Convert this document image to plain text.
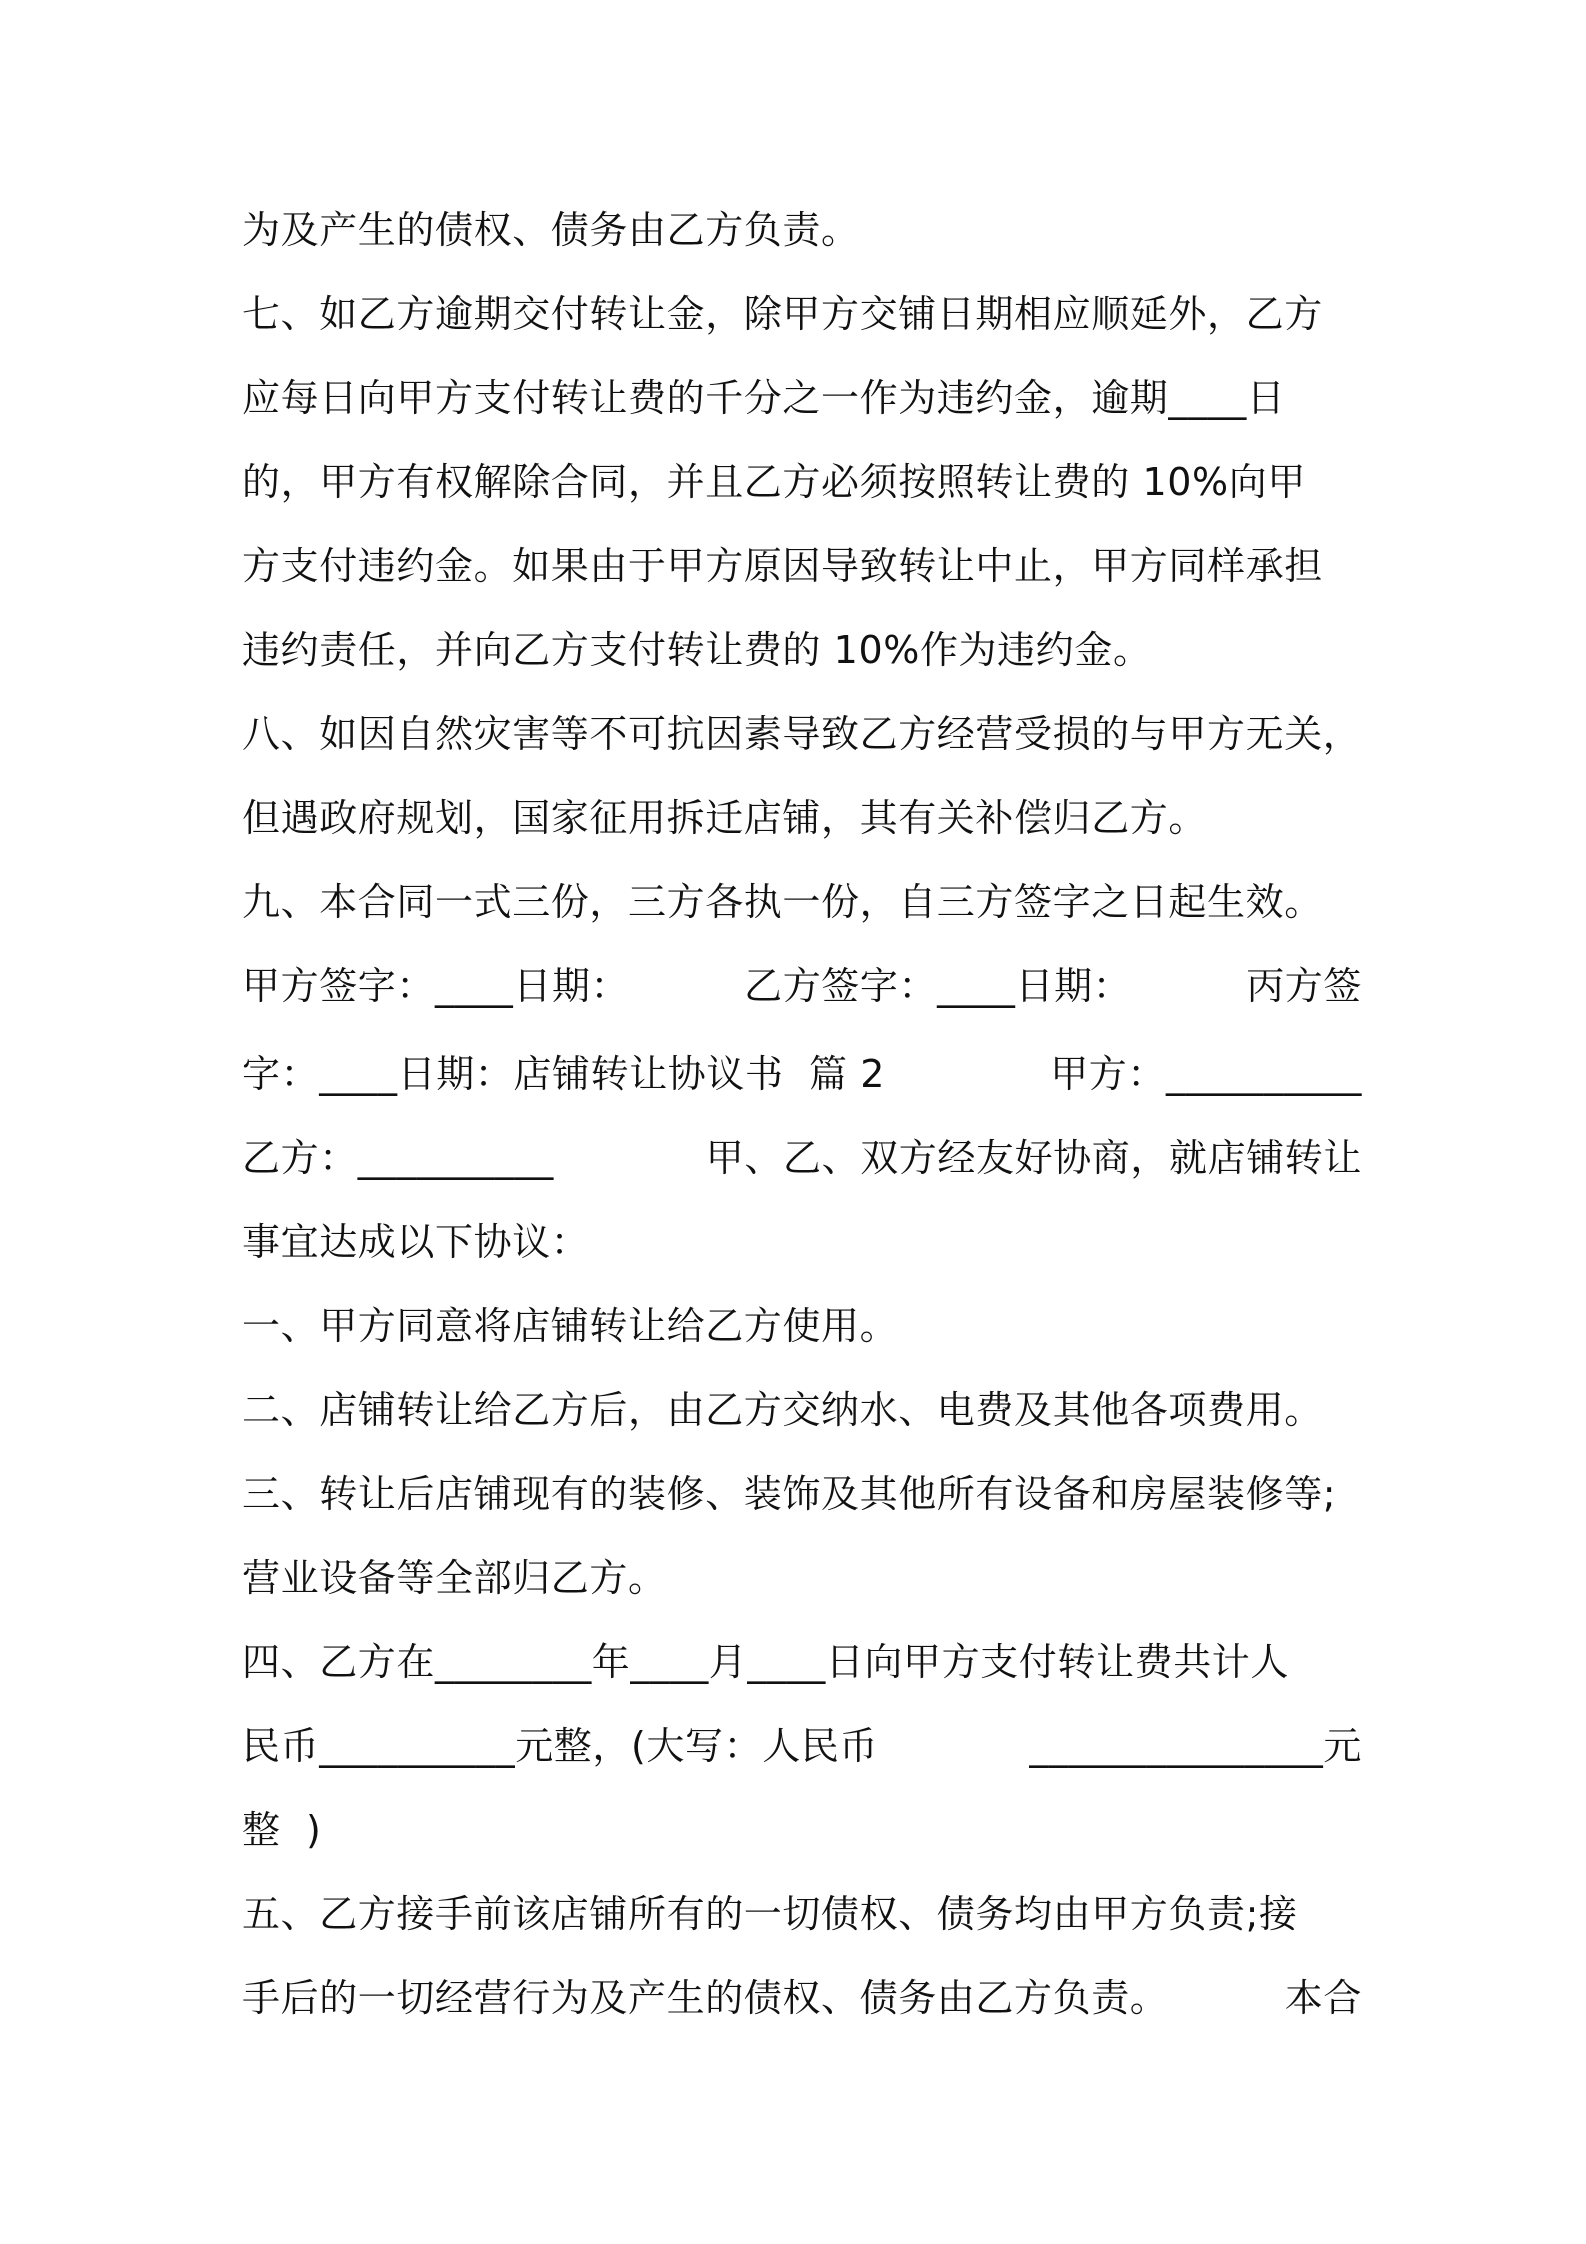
为及产生的债权、债务由乙方负责。
七、如乙方逾期交付转让金，除甲方交铺日期相应顺延外，乙方
应每日向甲方支付转让费的千分之一作为违约金，逾期____日
的，甲方有权解除合同，并且乙方必须按照转让费的 10%向甲
方支付违约金。如果由于甲方原因导致转让中止，甲方同样承担
违约责任，并向乙方支付转让费的 10%作为违约金。
八、如因自然灾害等不可抗因素导致乙方经营受损的与甲方无关，
但遇政府规划，国家征用拆迁店铺，其有关补偿归乙方。
九、本合同一式三份，三方各执一份，自三方签字之日起生效。
甲方签字：____日期：	乙方签字：____日期：	丙方签
字：____日期：店铺转让协议书  篇 2	甲方：__________
乙方：__________	甲、乙、双方经友好协商，就店铺转让
事宜达成以下协议：
一、甲方同意将店铺转让给乙方使用。
二、店铺转让给乙方后，由乙方交纳水、电费及其他各项费用。
三、转让后店铺现有的装修、装饰及其他所有设备和房屋装修等;
营业设备等全部归乙方。
四、乙方在________年____月____日向甲方支付转让费共计人
民币__________元整，(大写：人民币	_______________元
整  )
五、乙方接手前该店铺所有的一切债权、债务均由甲方负责;接
手后的一切经营行为及产生的债权、债务由乙方负责。	本合
